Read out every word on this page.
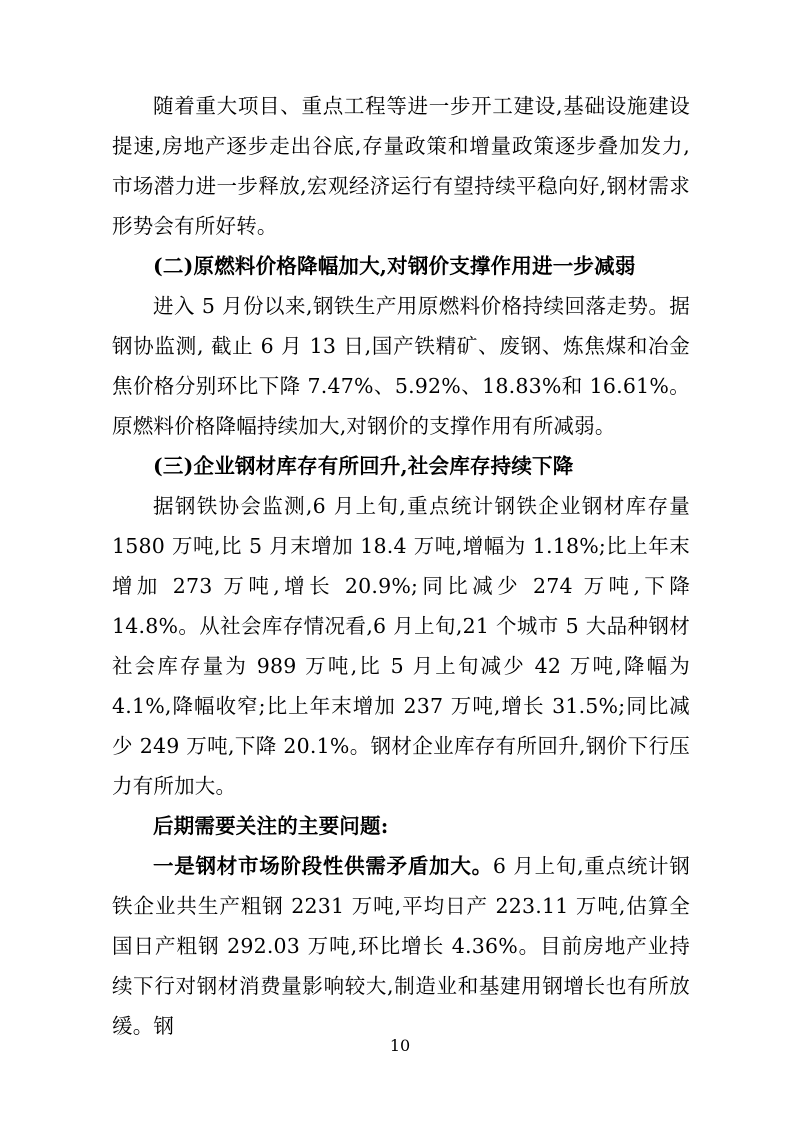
随着重大项目、重点工程等进一步开工建设,基础设施建设提速,房地产逐步走出谷底,存量政策和增量政策逐步叠加发力,市场潜力进一步释放,宏观经济运行有望持续平稳向好,钢材需求形势会有所好转。

(二)原燃料价格降幅加大,对钢价支撑作用进一步减弱

进入 5 月份以来,钢铁生产用原燃料价格持续回落走势。据钢协监测, 截止 6 月 13 日,国产铁精矿、废钢、炼焦煤和冶金焦价格分别环比下降 7.47%、5.92%、18.83%和 16.61%。原燃料价格降幅持续加大,对钢价的支撑作用有所减弱。

(三)企业钢材库存有所回升,社会库存持续下降

据钢铁协会监测,6 月上旬,重点统计钢铁企业钢材库存量 1580 万吨,比 5 月末增加 18.4 万吨,增幅为 1.18%;比上年末增加 273 万吨,增长 20.9%;同比减少 274 万吨,下降 14.8%。从社会库存情况看,6 月上旬,21 个城市 5 大品种钢材社会库存量为 989 万吨,比 5 月上旬减少 42 万吨,降幅为 4.1%,降幅收窄;比上年末增加 237 万吨,增长 31.5%;同比减少 249 万吨,下降 20.1%。钢材企业库存有所回升,钢价下行压力有所加大。

后期需要关注的主要问题:

一是钢材市场阶段性供需矛盾加大。6 月上旬,重点统计钢铁企业共生产粗钢 2231 万吨,平均日产 223.11 万吨,估算全国日产粗钢 292.03 万吨,环比增长 4.36%。目前房地产业持续下行对钢材消费量影响较大,制造业和基建用钢增长也有所放缓。钢

10
